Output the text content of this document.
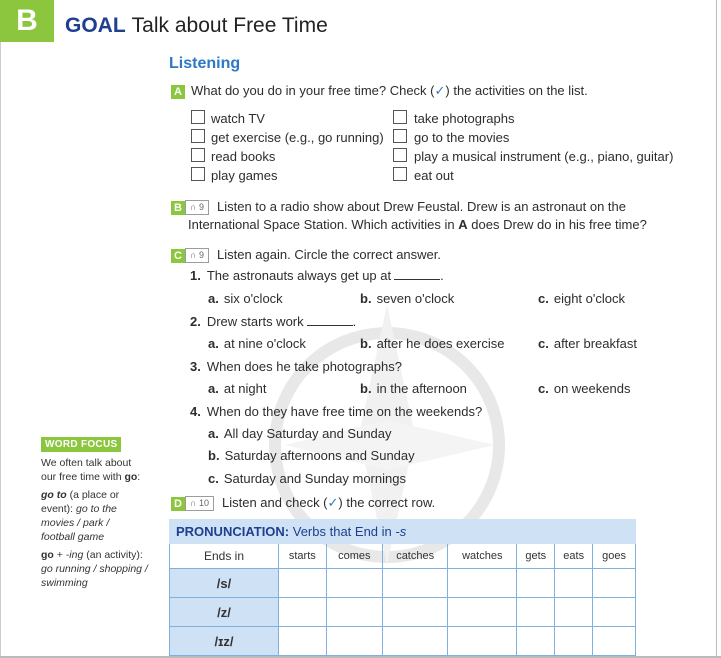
B	GOAL Talk about Free Time
Listening
A What do you do in your free time? Check (✓) the activities on the list.
watch TV
get exercise (e.g., go running)
read books
play games
take photographs
go to the movies
play a musical instrument (e.g., piano, guitar)
eat out
B ∩ 9 Listen to a radio show about Drew Feustal. Drew is an astronaut on the
International Space Station. Which activities in A does Drew do in his free time?
C ∩ 9 Listen again. Circle the correct answer.
1. The astronauts always get up at	.
a. six o'clock	b. seven o'clock	c. eight o'clock
2. Drew starts work	.
a. at nine o'clock	b. after he does exercise	c. after breakfast
3. When does he take photographs?
a. at night	b. in the afternoon	c. on weekends
4. When do they have free time on the weekends?
a. All day Saturday and Sunday
b. Saturday afternoons and Sunday
c. Saturday and Sunday mornings
D ∩ 10 Listen and check (✓) the correct row.
WORD FOCUS
We often talk about
our free time with go:
go to (a place or
event): go to the
movies / park /
football game
go + -ing (an activity):
go running / shopping /
swimming
PRONUNCIATION: Verbs that End in -s							
Ends in	starts	comes	catches	watches	gets	eats	goes
/s/							
/z/							
/ɪz/							
